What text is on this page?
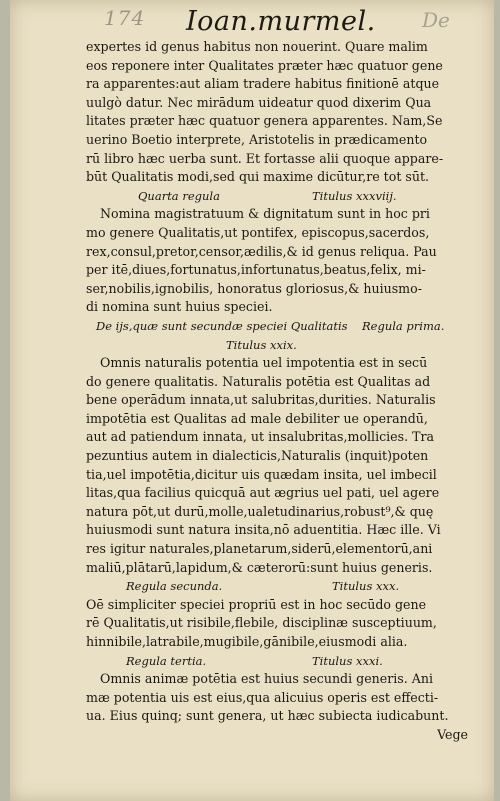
174 Ioan.murmel. De
expertes id genus habitus non nouerint. Quare malim
eos reponere inter Qualitates præter hæc quatuor gene
ra apparentes:aut aliam tradere habitus finitionē atque
uulgò datur. Nec mirādum uideatur quod dixerim Qua
litates præter hæc quatuor genera apparentes. Nam,Se
uerino Boetio interprete, Aristotelis in prædicamento
rū libro hæc uerba sunt. Et fortasse alii quoque appare-
būt Qualitatis modi,sed qui maxime dicūtur,re tot sūt.
Quarta regula	Titulus xxxviij.
Nomina magistratuum & dignitatum sunt in hoc pri
mo genere Qualitatis,ut pontifex, episcopus,sacerdos,
rex,consul,pretor,censor,ædilis,& id genus reliqua. Pau
per itē,diues,fortunatus,infortunatus,beatus,felix, mi-
ser,nobilis,ignobilis, honoratus gloriosus,& huiusmo-
di nomina sunt huius speciei.
De ijs,quæ sunt secundæ speciei Qualitatis Regula prima.
Titulus xxix.
Omnis naturalis potentia uel impotentia est in secū
do genere qualitatis. Naturalis potētia est Qualitas ad
bene operādum innata,ut salubritas,durities. Naturalis
impotētia est Qualitas ad male debiliter ue operandū,
aut ad patiendum innata, ut insalubritas,mollicies. Tra
pezuntius autem in dialecticis,Naturalis (inquit)poten
tia,uel impotētia,dicitur uis quædam insita, uel imbecil
litas,qua facilius quicquā aut ægrius uel pati, uel agere
natura pōt,ut durū,molle,ualetudinarius,robust⁹,& quę
huiusmodi sunt natura insita,nō aduentitia. Hæc ille. Vi
res igitur naturales,planetarum,siderū,elementorū,ani
maliū,plātarū,lapidum,& cæterorū:sunt huius generis.
Regula secunda.	Titulus xxx.
Oē simpliciter speciei propriū est in hoc secūdo gene
rē Qualitatis,ut risibile,flebile, disciplinæ susceptiuum,
hinnibile,latrabile,mugibile,gānibile,eiusmodi alia.
Regula tertia.	Titulus xxxi.
Omnis animæ potētia est huius secundi generis. Ani
mæ potentia uis est eius,qua alicuius operis est effecti-
ua. Eius quinq; sunt genera, ut hæc subiecta iudicabunt.
Vege
